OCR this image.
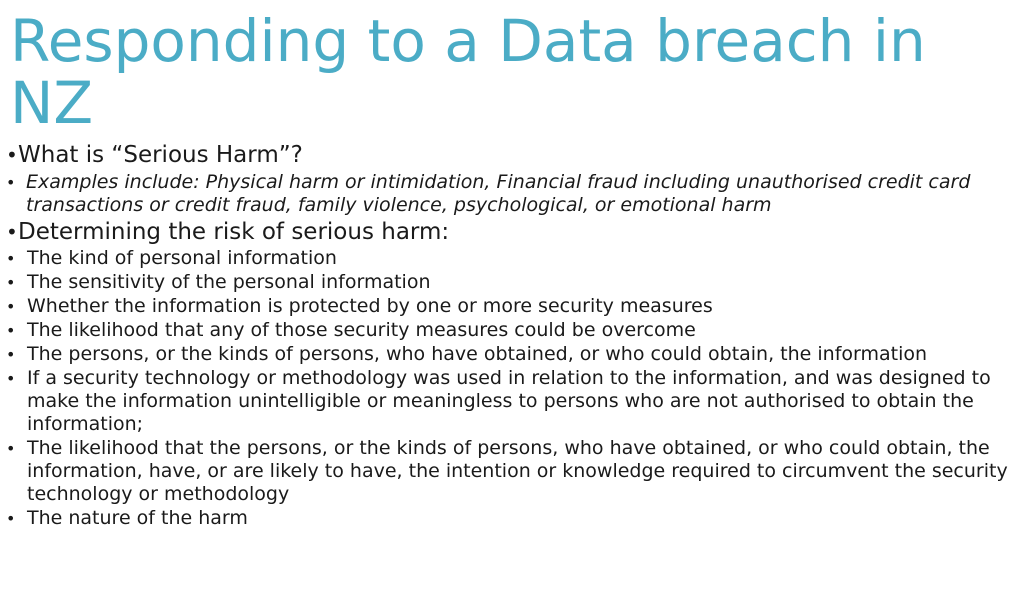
Responding to a Data breach in NZ
• What is “Serious Harm”?
• Examples include: Physical harm or intimidation, Financial fraud including unauthorised credit card transactions or credit fraud, family violence, psychological, or emotional harm
• Determining the risk of serious harm:
• The kind of personal information
• The sensitivity of the personal information
• Whether the information is protected by one or more security measures
• The likelihood that any of those security measures could be overcome
• The persons, or the kinds of persons, who have obtained, or who could obtain, the information
• If a security technology or methodology was used in relation to the information, and was designed to make the information unintelligible or meaningless to persons who are not authorised to obtain the information;
• The likelihood that the persons, or the kinds of persons, who have obtained, or who could obtain, the information, have, or are likely to have, the intention or knowledge required to circumvent the security technology or methodology
• The nature of the harm
